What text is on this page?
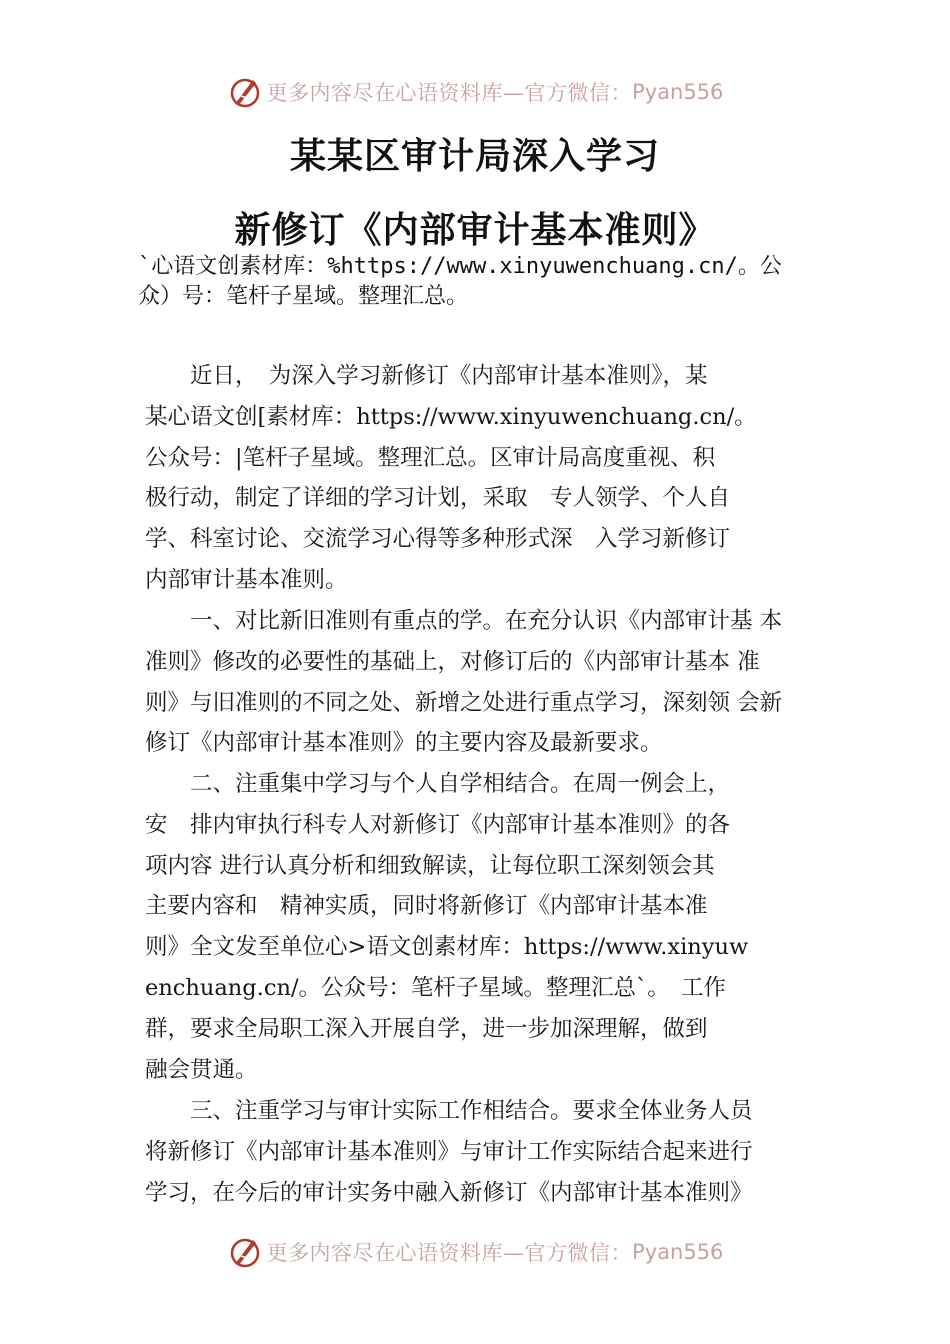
更多内容尽在心语资料库—官方微信： Pyan556
某某区审计局深入学习
新修订《内部审计基本准则》
`心语文创素材库：%https://www.xinyuwenchuang.cn/。公
众）号：笔杆子星域。整理汇总。
　　近日，　为深入学习新修订《内部审计基本准则》，某
某心语文创[素材库：https://www.xinyuwenchuang.cn/。
公众号：|笔杆子星域。整理汇总。区审计局高度重视、积
极行动，制定了详细的学习计划，采取　专人领学、个人自
学、科室讨论、交流学习心得等多种形式深　入学习新修订
内部审计基本准则。
　　一、对比新旧准则有重点的学。在充分认识《内部审计基 本
准则》修改的必要性的基础上，对修订后的《内部审计基本 准
则》与旧准则的不同之处、新增之处进行重点学习，深刻领 会新
修订《内部审计基本准则》的主要内容及最新要求。
　　二、注重集中学习与个人自学相结合。在周一例会上，
安　排内审执行科专人对新修订《内部审计基本准则》的各
项内容 进行认真分析和细致解读，让每位职工深刻领会其
主要内容和　精神实质，同时将新修订《内部审计基本准
则》全文发至单位心>语文创素材库：https://www.xinyuw
enchuang.cn/。公众号：笔杆子星域。整理汇总`。　工作
群，要求全局职工深入开展自学，进一步加深理解，做到
融会贯通。
　　三、注重学习与审计实际工作相结合。要求全体业务人员
将新修订《内部审计基本准则》与审计工作实际结合起来进行
学习，在今后的审计实务中融入新修订《内部审计基本准则》
更多内容尽在心语资料库—官方微信： Pyan556
